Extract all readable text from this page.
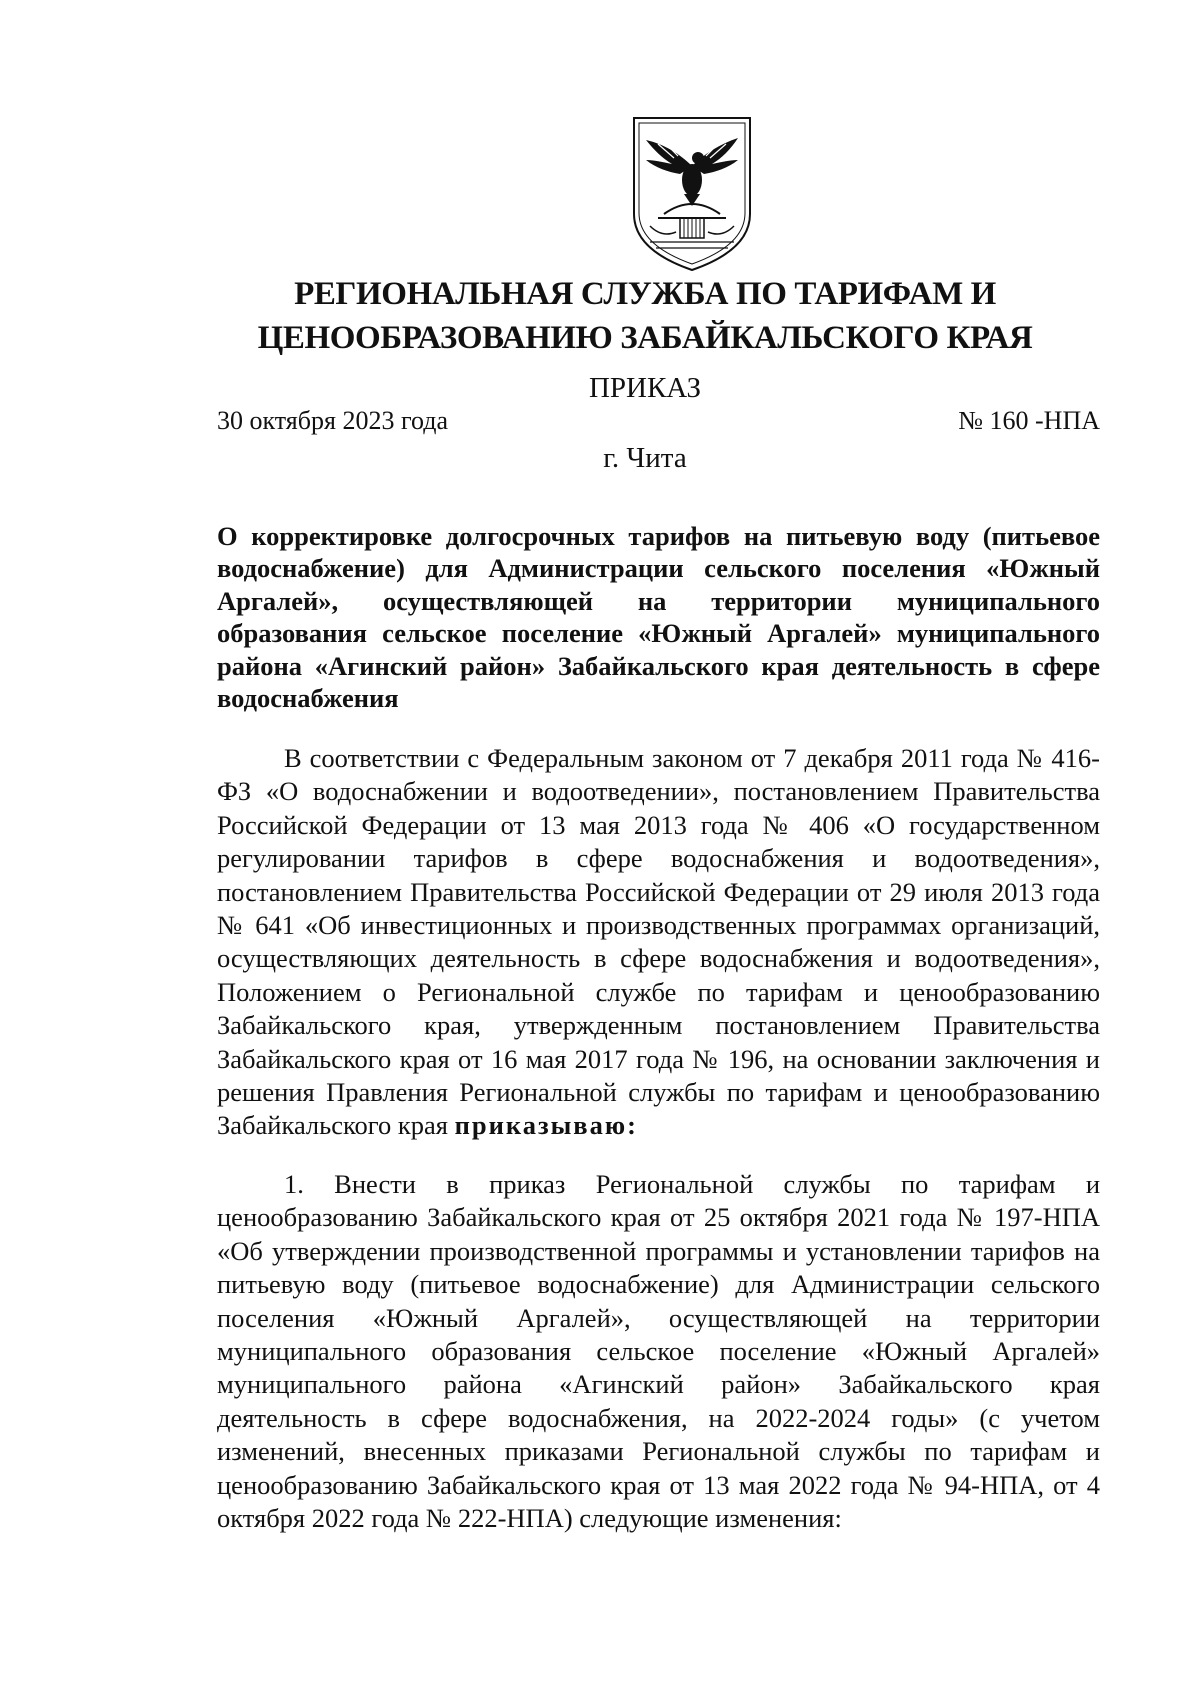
РЕГИОНАЛЬНАЯ СЛУЖБА ПО ТАРИФАМ И
ЦЕНООБРАЗОВАНИЮ ЗАБАЙКАЛЬСКОГО КРАЯ
ПРИКАЗ
30 октября 2023 года	№ 160 -НПА
г. Чита

О корректировке долгосрочных тарифов на питьевую воду (питьевое водоснабжение) для Администрации сельского поселения «Южный Аргалей», осуществляющей на территории муниципального образования сельское поселение «Южный Аргалей» муниципального района «Агинский район» Забайкальского края деятельность в сфере водоснабжения

В соответствии с Федеральным законом от 7 декабря 2011 года № 416-ФЗ «О водоснабжении и водоотведении», постановлением Правительства Российской Федерации от 13 мая 2013 года № 406 «О государственном регулировании тарифов в сфере водоснабжения и водоотведения», постановлением Правительства Российской Федерации от 29 июля 2013 года № 641 «Об инвестиционных и производственных программах организаций, осуществляющих деятельность в сфере водоснабжения и водоотведения», Положением о Региональной службе по тарифам и ценообразованию Забайкальского края, утвержденным постановлением Правительства Забайкальского края от 16 мая 2017 года № 196, на основании заключения и решения Правления Региональной службы по тарифам и ценообразованию Забайкальского края приказываю:

1. Внести в приказ Региональной службы по тарифам и ценообразованию Забайкальского края от 25 октября 2021 года № 197-НПА «Об утверждении производственной программы и установлении тарифов на питьевую воду (питьевое водоснабжение) для Администрации сельского поселения «Южный Аргалей», осуществляющей на территории муниципального образования сельское поселение «Южный Аргалей» муниципального района «Агинский район» Забайкальского края деятельность в сфере водоснабжения, на 2022-2024 годы» (с учетом изменений, внесенных приказами Региональной службы по тарифам и ценообразованию Забайкальского края от 13 мая 2022 года № 94-НПА, от 4 октября 2022 года № 222-НПА) следующие изменения:
